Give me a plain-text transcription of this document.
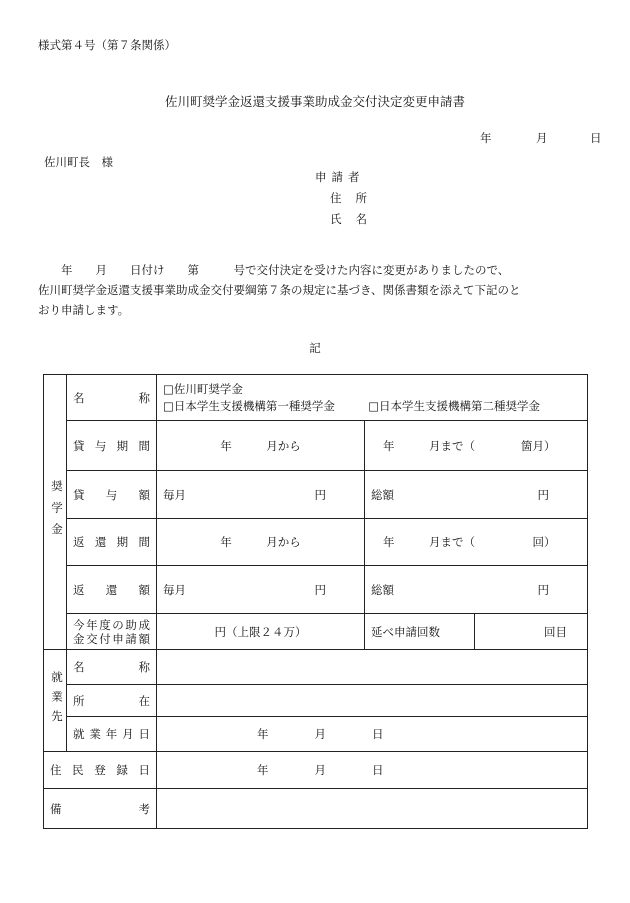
様式第４号（第７条関係）
佐川町奨学金返還支援事業助成金交付決定変更申請書
年	月	日
佐川町長　様
申請者
住所
氏名
　　年　　月　　日付け　　第　　　号で交付決定を受けた内容に変更がありましたので、
佐川町奨学金返還支援事業助成金交付要綱第７条の規定に基づき、関係書類を添えて下記のと
おり申請します。
記
奨学金	名　　　称	□佐川町奨学金
□日本学生支援機構第一種奨学金 □日本学生支援機構第二種奨学金		

	貸与期間	年　　　月から	年　　　月まで（　　　　箇月）	
	貸与額	毎月 円	総額 円	

	返還期間	年　　　月から	年　　　月まで（　　　　　回）	
	返還額	毎月 円	総額 円	

	今年度の助成
金交付申請額	円（上限２４万）	延べ申請回数	回目

就業先	名　　　称			
	所　　　在			
	就業年月日	年　　　　月　　　　日		
住民登録日		年　　　　月　　　　日		
備　　　考				
